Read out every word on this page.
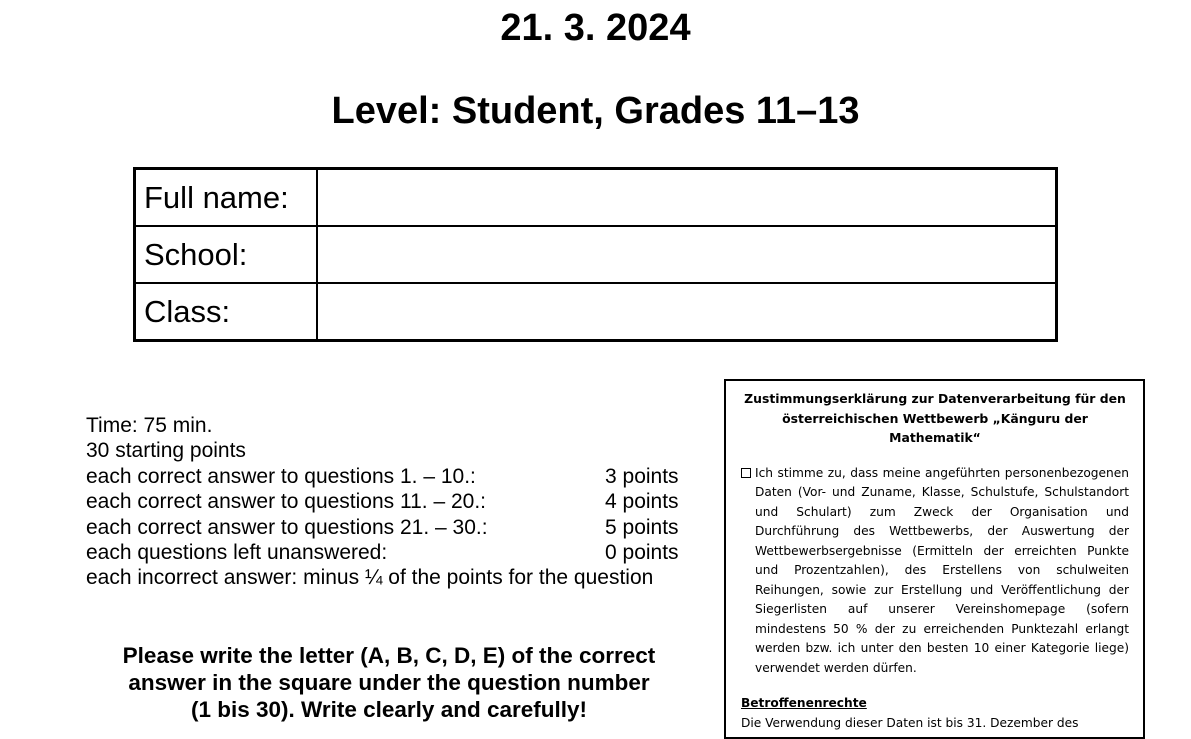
21. 3. 2024
Level: Student, Grades 11–13
Full name:	
School:	
Class:	
Time: 75 min.
30 starting points
each correct answer to questions 1. – 10.:	3 points
each correct answer to questions 11. – 20.:	4 points
each correct answer to questions 21. – 30.:	5 points
each questions left unanswered:	0 points
each incorrect answer: minus ¼ of the points for the question
Please write the letter (A, B, C, D, E) of the correct
answer in the square under the question number
(1 bis 30). Write clearly and carefully!
Zustimmungserklärung zur Datenverarbeitung für den
österreichischen Wettbewerb „Känguru der Mathematik“
Ich stimme zu, dass meine angeführten personenbezogenen Daten (Vor- und Zuname, Klasse, Schulstufe, Schulstandort und Schulart) zum Zweck der Organisation und Durchführung des Wettbewerbs, der Auswertung der Wettbewerbsergebnisse (Ermitteln der erreichten Punkte und Prozentzahlen), des Erstellens von schulweiten Reihungen, sowie zur Erstellung und Veröffentlichung der Siegerlisten auf unserer Vereinshomepage (sofern mindestens 50 % der zu erreichenden Punktezahl erlangt werden bzw. ich unter den besten 10 einer Kategorie liege) verwendet werden dürfen.
Betroffenenrechte
Die Verwendung dieser Daten ist bis 31. Dezember des
